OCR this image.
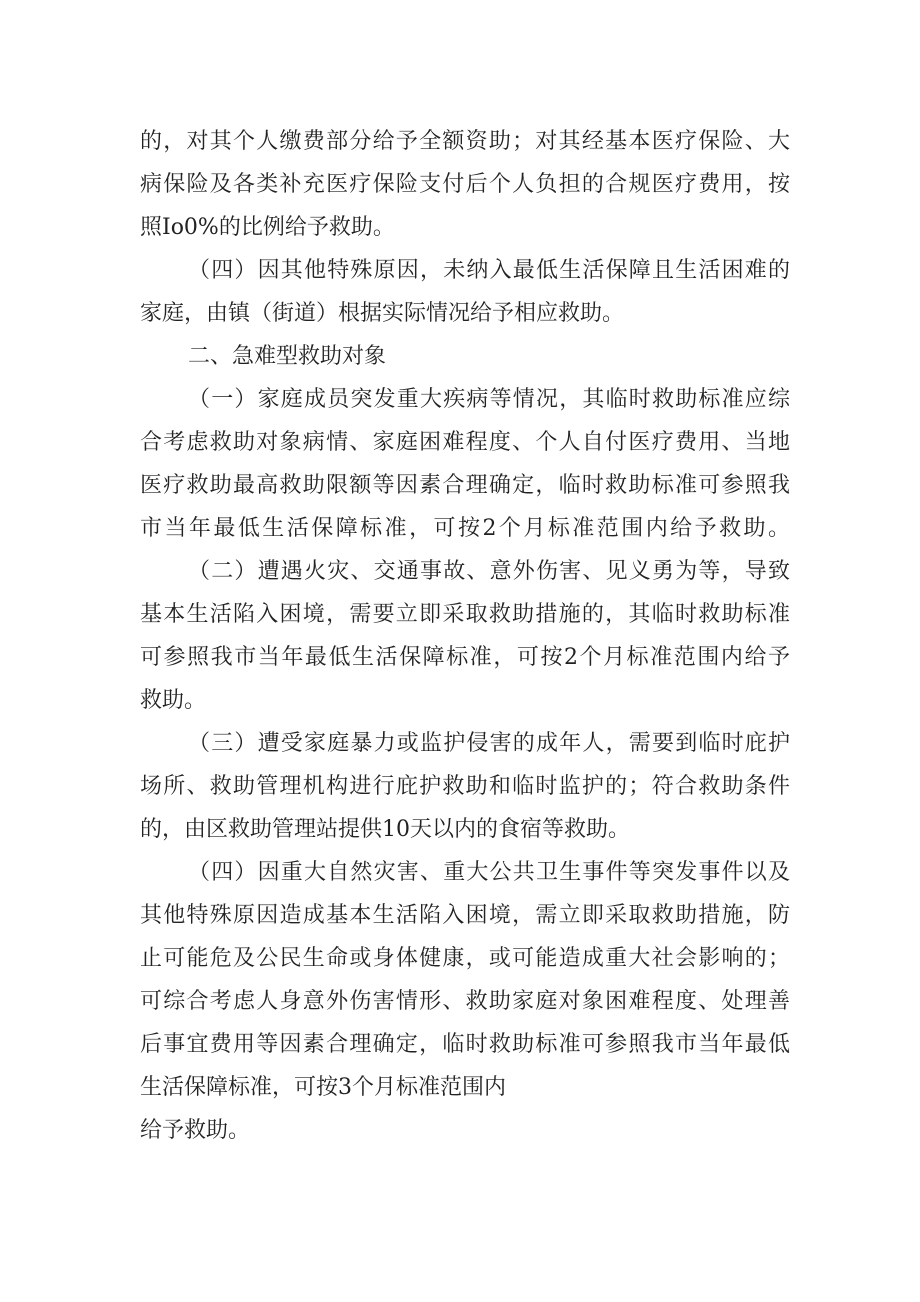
的，对其个人缴费部分给予全额资助；对其经基本医疗保险、大
病保险及各类补充医疗保险支付后个人负担的合规医疗费用，按
照Io0%的比例给予救助。
（四）因其他特殊原因，未纳入最低生活保障且生活困难的
家庭，由镇（街道）根据实际情况给予相应救助。
二、急难型救助对象
（一）家庭成员突发重大疾病等情况，其临时救助标准应综
合考虑救助对象病情、家庭困难程度、个人自付医疗费用、当地
医疗救助最高救助限额等因素合理确定，临时救助标准可参照我
市当年最低生活保障标准，可按2个月标准范围内给予救助。
（二）遭遇火灾、交通事故、意外伤害、见义勇为等，导致
基本生活陷入困境，需要立即采取救助措施的，其临时救助标准
可参照我市当年最低生活保障标准，可按2个月标准范围内给予
救助。
（三）遭受家庭暴力或监护侵害的成年人，需要到临时庇护
场所、救助管理机构进行庇护救助和临时监护的；符合救助条件
的，由区救助管理站提供10天以内的食宿等救助。
（四）因重大自然灾害、重大公共卫生事件等突发事件以及
其他特殊原因造成基本生活陷入困境，需立即采取救助措施，防
止可能危及公民生命或身体健康，或可能造成重大社会影响的；
可综合考虑人身意外伤害情形、救助家庭对象困难程度、处理善
后事宜费用等因素合理确定，临时救助标准可参照我市当年最低
生活保障标准，可按3个月标准范围内
给予救助。
